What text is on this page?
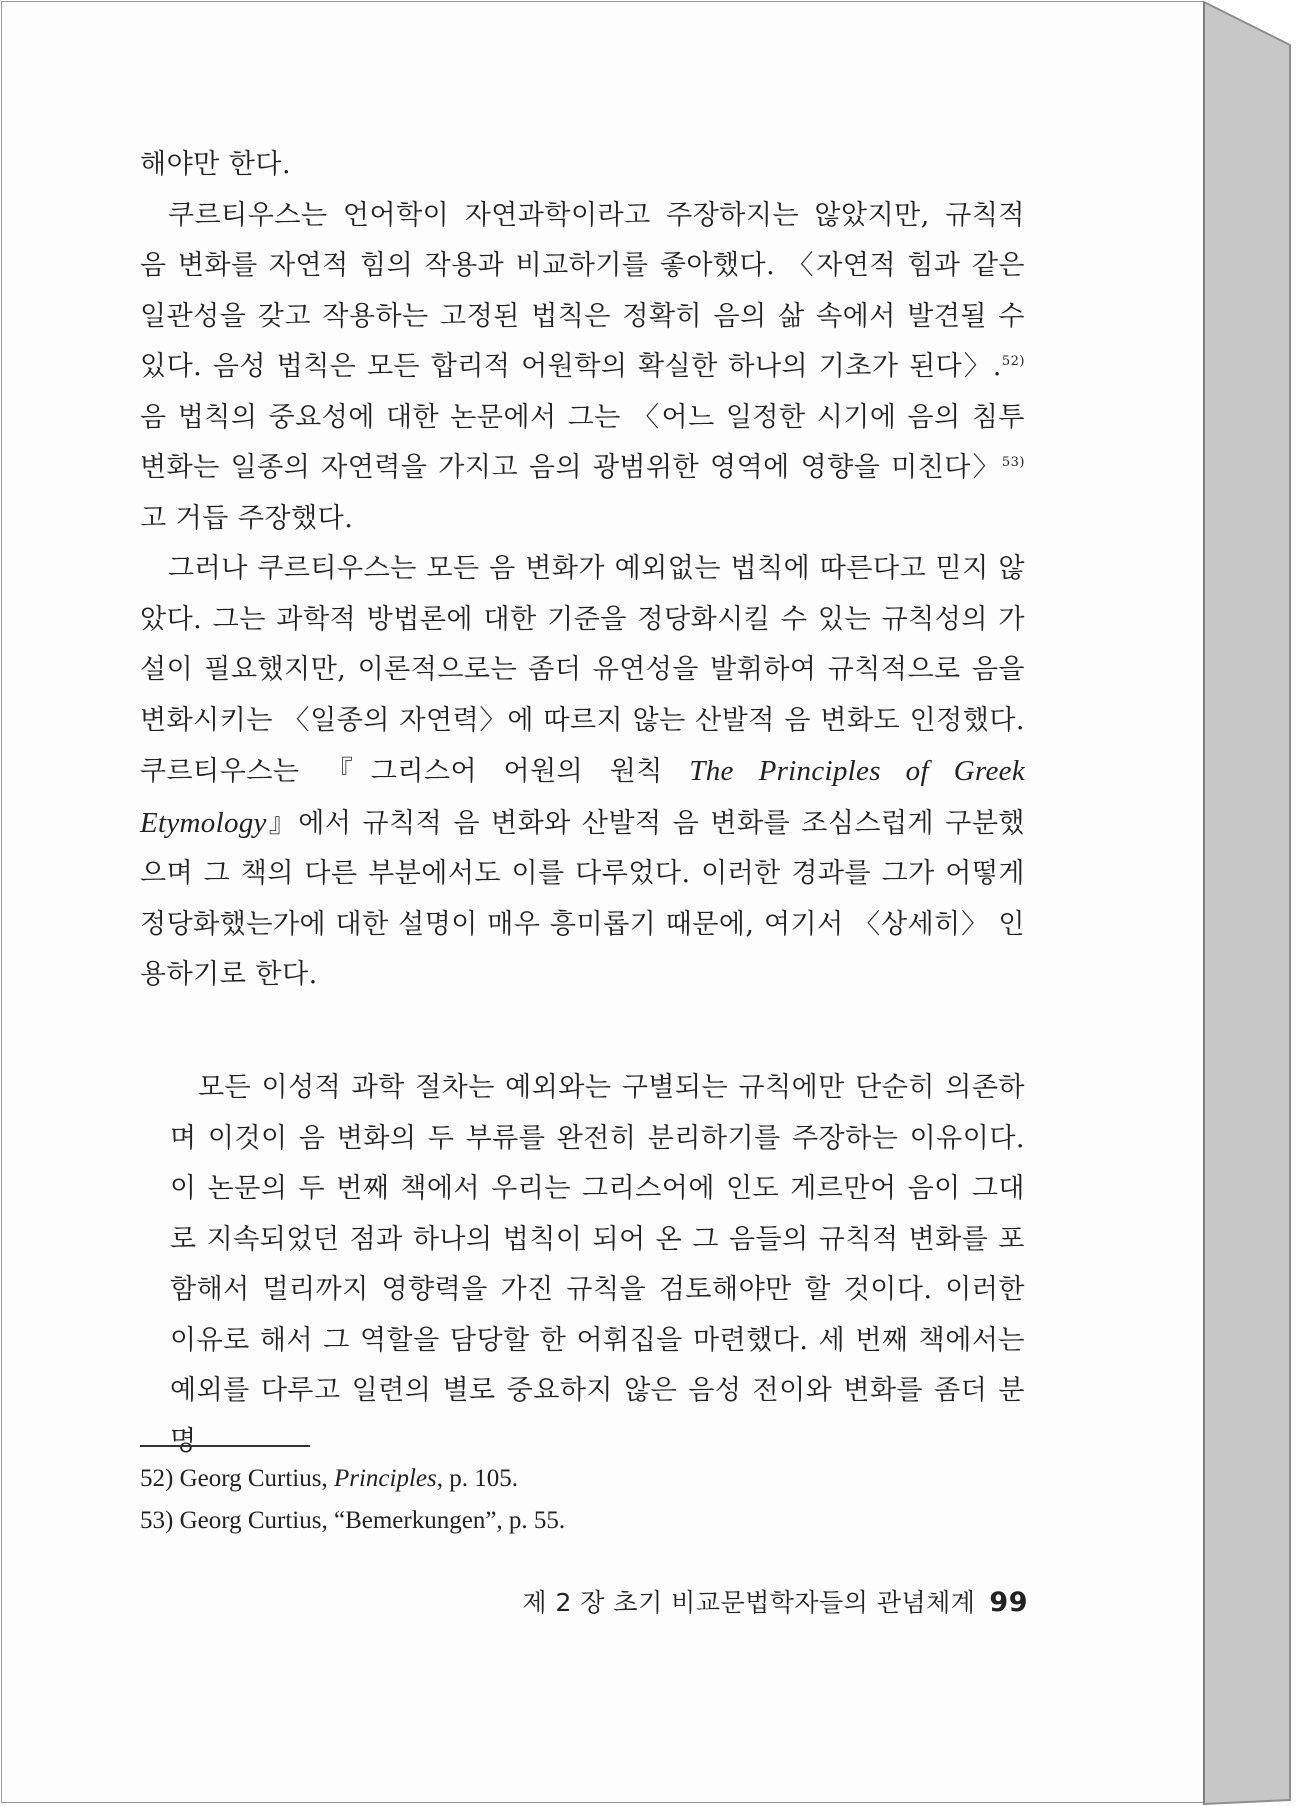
해야만 한다.

쿠르티우스는 언어학이 자연과학이라고 주장하지는 않았지만, 규칙적 음 변화를 자연적 힘의 작용과 비교하기를 좋아했다. 〈자연적 힘과 같은 일관성을 갖고 작용하는 고정된 법칙은 정확히 음의 삶 속에서 발견될 수 있다. 음성 법칙은 모든 합리적 어원학의 확실한 하나의 기초가 된다〉.$^{52)}$ 음 법칙의 중요성에 대한 논문에서 그는 〈어느 일정한 시기에 음의 침투 변화는 일종의 자연력을 가지고 음의 광범위한 영역에 영향을 미친다〉$^{53)}$고 거듭 주장했다.

그러나 쿠르티우스는 모든 음 변화가 예외없는 법칙에 따른다고 믿지 않았다. 그는 과학적 방법론에 대한 기준을 정당화시킬 수 있는 규칙성의 가설이 필요했지만, 이론적으로는 좀더 유연성을 발휘하여 규칙적으로 음을 변화시키는 〈일종의 자연력〉에 따르지 않는 산발적 음 변화도 인정했다. 쿠르티우스는 『그리스어 어원의 원칙 The Principles of Greek Etymology』에서 규칙적 음 변화와 산발적 음 변화를 조심스럽게 구분했으며 그 책의 다른 부분에서도 이를 다루었다. 이러한 경과를 그가 어떻게 정당화했는가에 대한 설명이 매우 흥미롭기 때문에, 여기서 〈상세히〉 인용하기로 한다.

모든 이성적 과학 절차는 예외와는 구별되는 규칙에만 단순히 의존하며 이것이 음 변화의 두 부류를 완전히 분리하기를 주장하는 이유이다. 이 논문의 두 번째 책에서 우리는 그리스어에 인도 게르만어 음이 그대로 지속되었던 점과 하나의 법칙이 되어 온 그 음들의 규칙적 변화를 포함해서 멀리까지 영향력을 가진 규칙을 검토해야만 할 것이다. 이러한 이유로 해서 그 역할을 담당할 한 어휘집을 마련했다. 세 번째 책에서는 예외를 다루고 일련의 별로 중요하지 않은 음성 전이와 변화를 좀더 분명

52) Georg Curtius, Principles, p. 105.
53) Georg Curtius, “Bemerkungen”, p. 55.
제 2 장 초기 비교문법학자들의 관념체계 99
